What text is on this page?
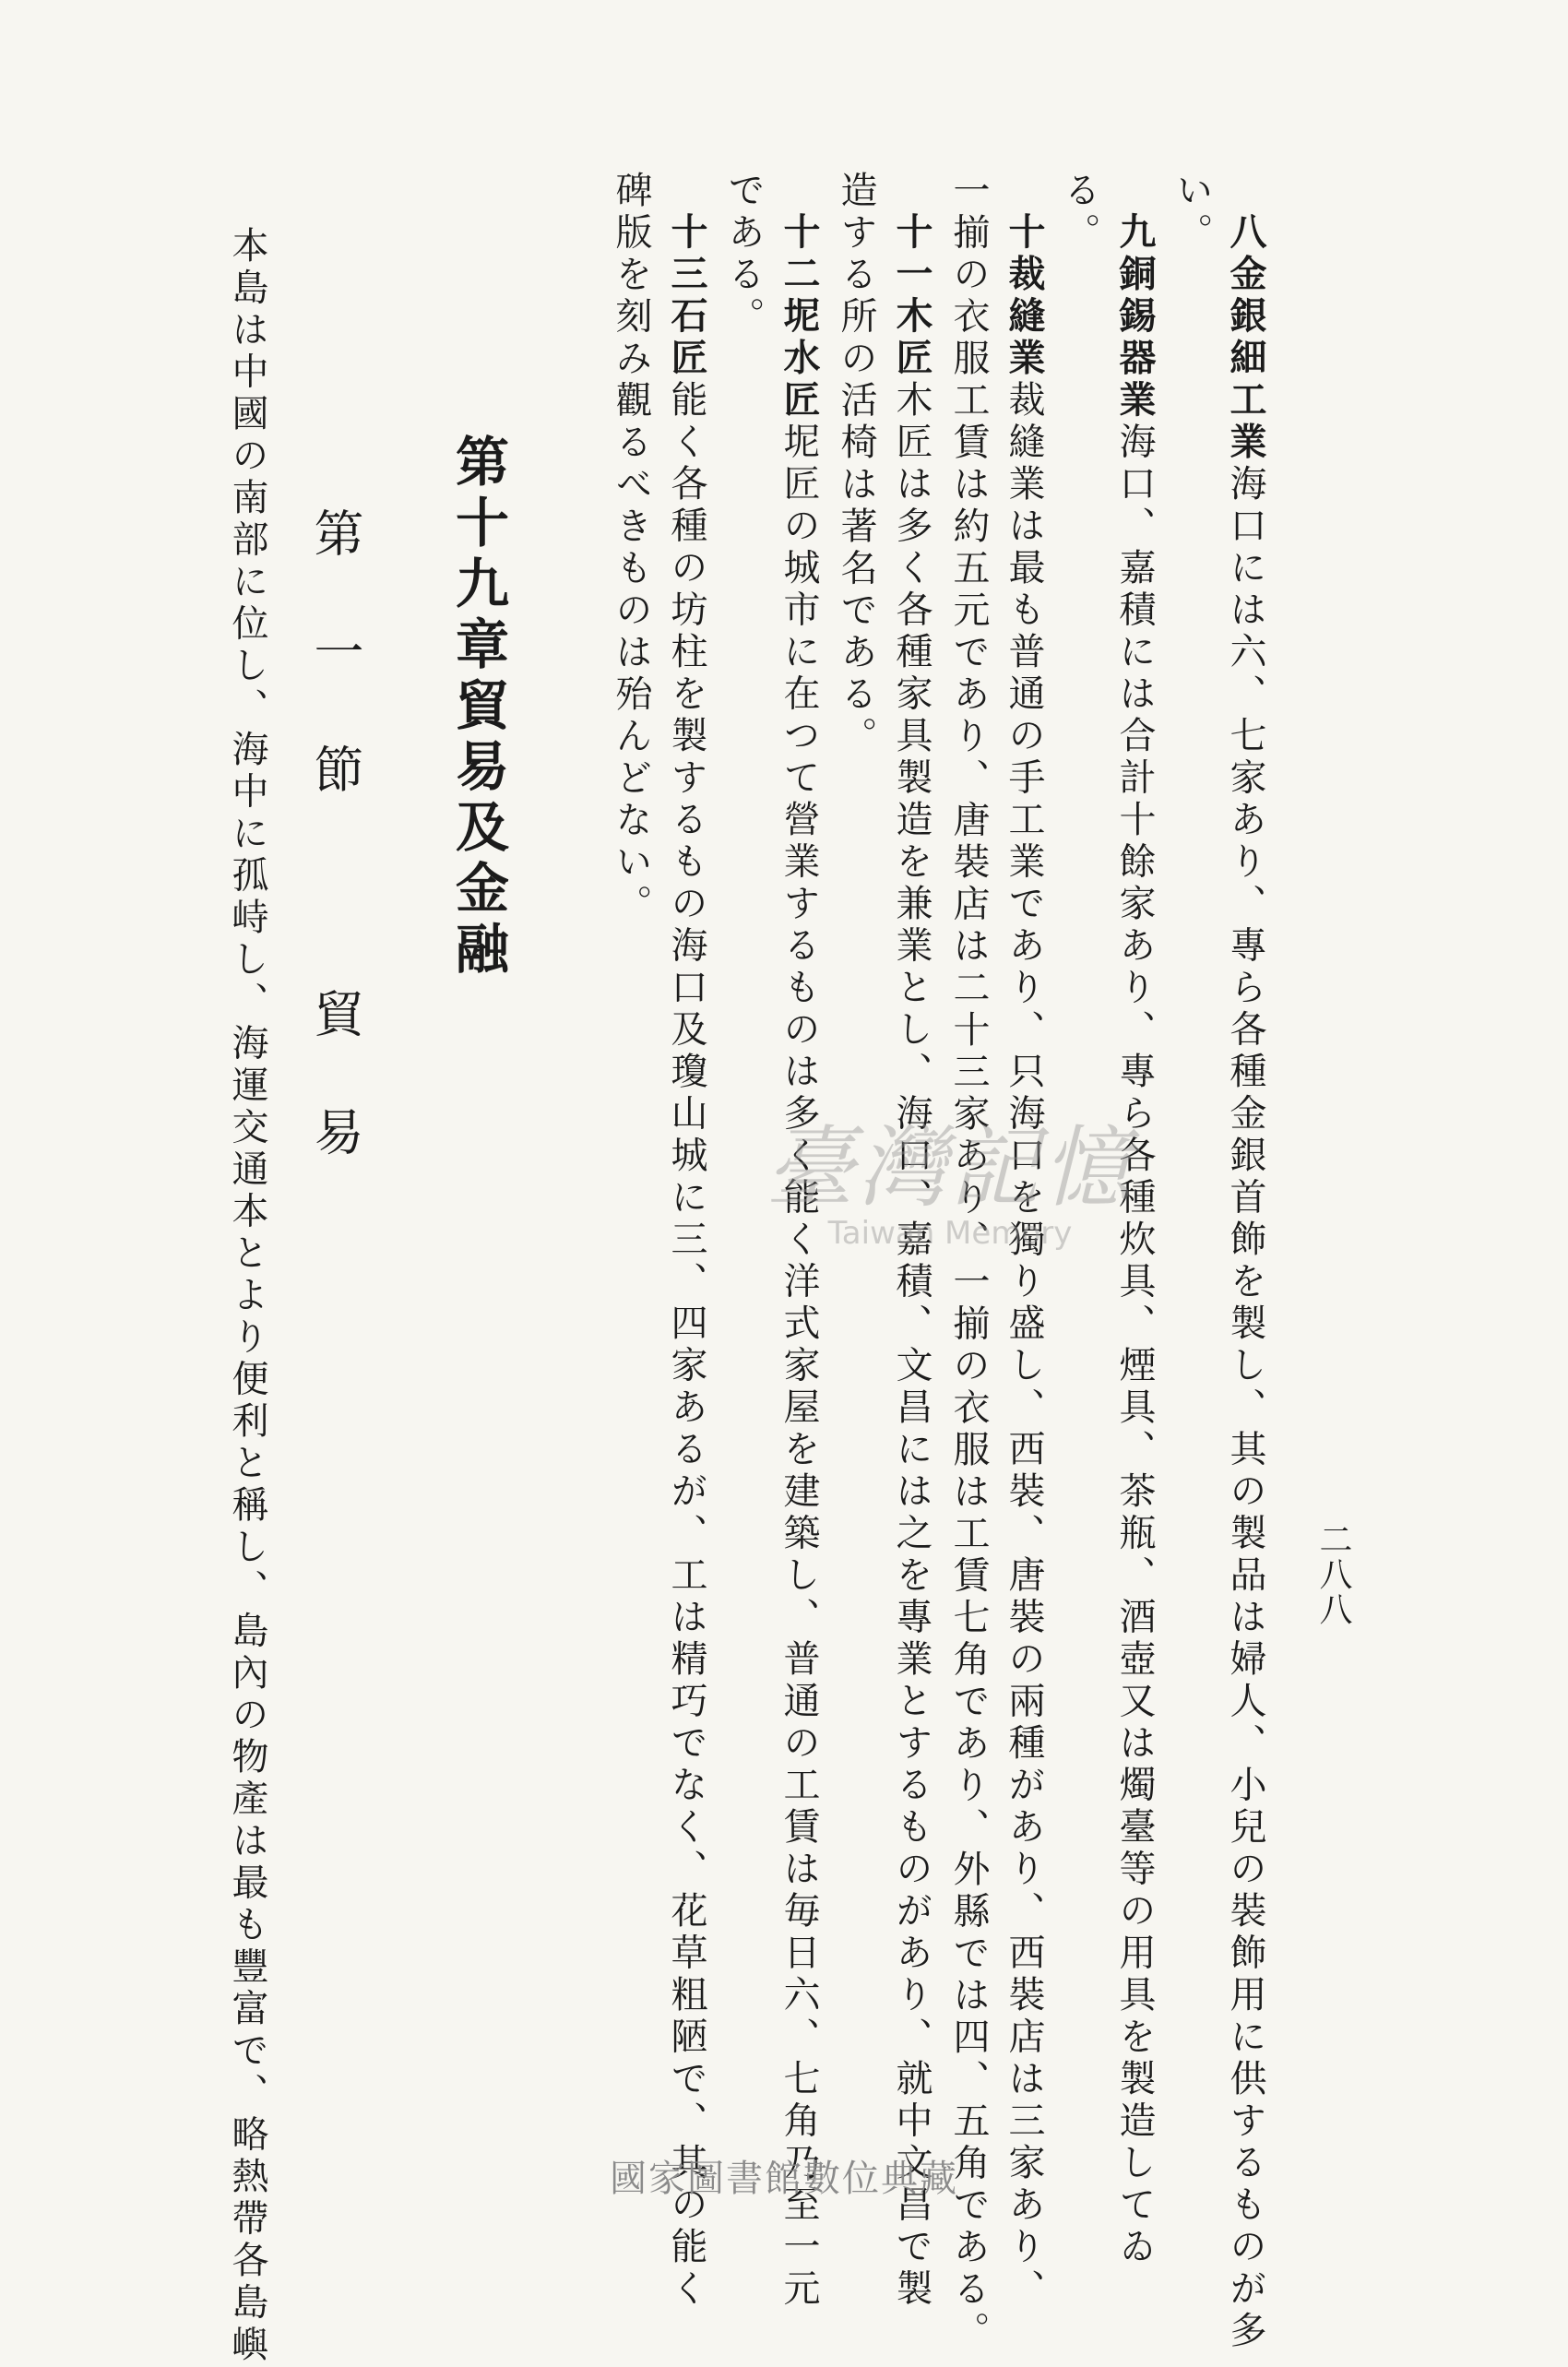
二八八
八金銀細工業海口には六、七家あり、專ら各種金銀首飾を製し、其の製品は婦人、小兒の裝飾用に供するものが多
い。
九銅錫器業海口、嘉積には合計十餘家あり、專ら各種炊具、煙具、茶瓶、酒壺又は燭臺等の用具を製造してゐ
る。
十裁縫業裁縫業は最も普通の手工業であり、只海口を獨り盛し、西裝、唐裝の兩種があり、西裝店は三家あり、
一揃の衣服工賃は約五元であり、唐裝店は二十三家あり、一揃の衣服は工賃七角であり、外縣では四、五角である。
十一木匠木匠は多く各種家具製造を兼業とし、海口、嘉積、文昌には之を專業とするものがあり、就中文昌で製
造する所の活椅は著名である。
十二坭水匠坭匠の城市に在つて營業するものは多く能く洋式家屋を建築し、普通の工賃は毎日六、七角乃至一元
である。
十三石匠能く各種の坊柱を製するもの海口及瓊山城に三、四家あるが、工は精巧でなく、花草粗陋で、其の能く
碑版を刻み觀るべきものは殆んどない。
第十九章貿易及金融
第一節 貿易
本島は中國の南部に位し、海中に孤峙し、海運交通本とより便利と稱し、島內の物產は最も豐富で、略熱帶各島嶼	臺灣記憶
Taiwan Memory
國家圖書館數位典藏
